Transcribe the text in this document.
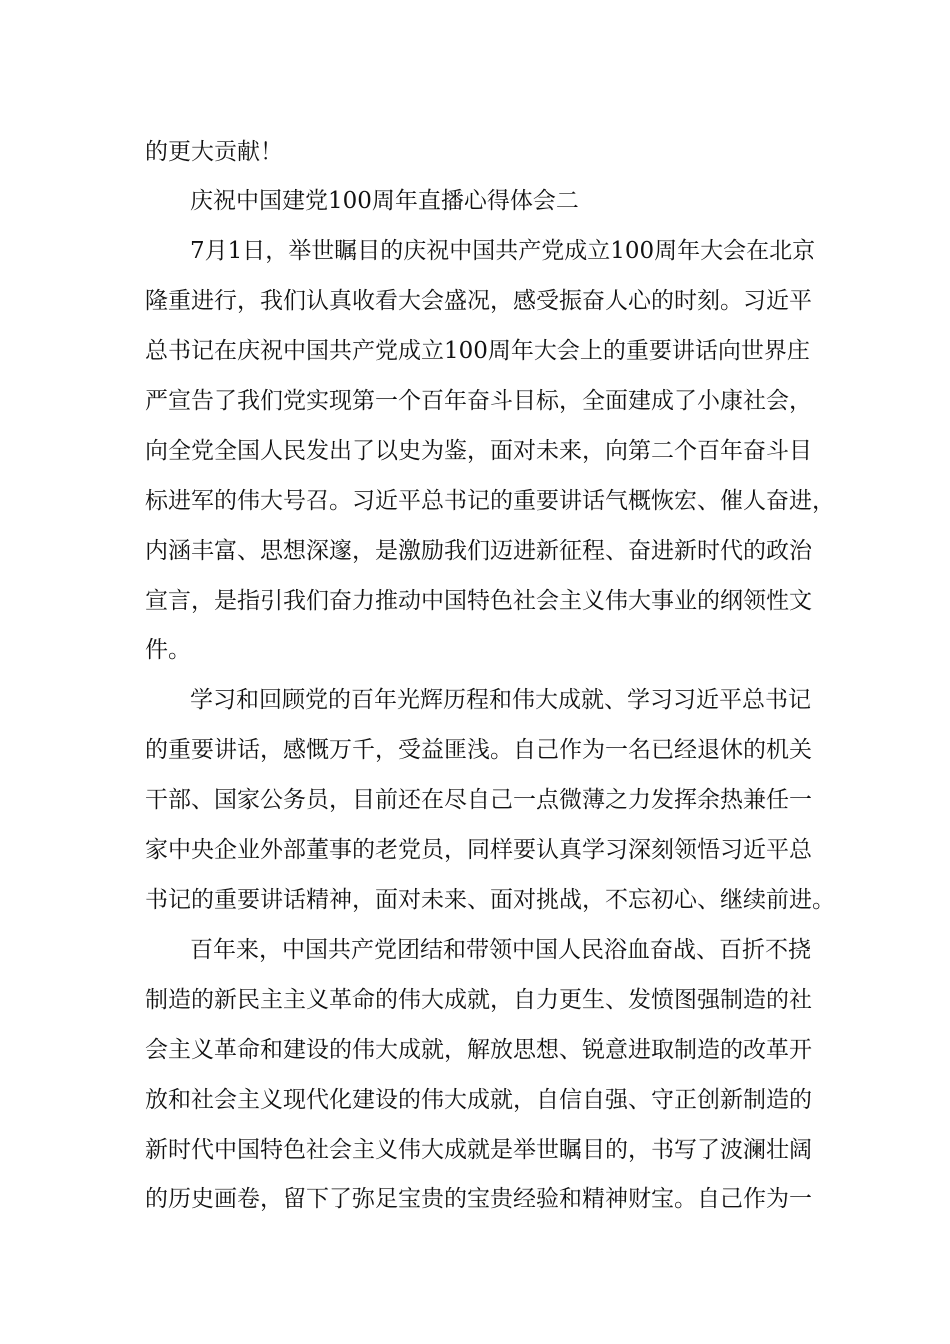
的更大贡献！
庆祝中国建党100周年直播心得体会二
7月1日，举世瞩目的庆祝中国共产党成立100周年大会在北京
隆重进行，我们认真收看大会盛况，感受振奋人心的时刻。习近平
总书记在庆祝中国共产党成立100周年大会上的重要讲话向世界庄
严宣告了我们党实现第一个百年奋斗目标，全面建成了小康社会，
向全党全国人民发出了以史为鉴，面对未来，向第二个百年奋斗目
标进军的伟大号召。习近平总书记的重要讲话气概恢宏、催人奋进，
内涵丰富、思想深邃，是激励我们迈进新征程、奋进新时代的政治
宣言，是指引我们奋力推动中国特色社会主义伟大事业的纲领性文
件。
学习和回顾党的百年光辉历程和伟大成就、学习习近平总书记
的重要讲话，感慨万千，受益匪浅。自己作为一名已经退休的机关
干部、国家公务员，目前还在尽自己一点微薄之力发挥余热兼任一
家中央企业外部董事的老党员，同样要认真学习深刻领悟习近平总
书记的重要讲话精神，面对未来、面对挑战，不忘初心、继续前进。
百年来，中国共产党团结和带领中国人民浴血奋战、百折不挠
制造的新民主主义革命的伟大成就，自力更生、发愤图强制造的社
会主义革命和建设的伟大成就，解放思想、锐意进取制造的改革开
放和社会主义现代化建设的伟大成就，自信自强、守正创新制造的
新时代中国特色社会主义伟大成就是举世瞩目的，书写了波澜壮阔
的历史画卷，留下了弥足宝贵的宝贵经验和精神财宝。自己作为一
